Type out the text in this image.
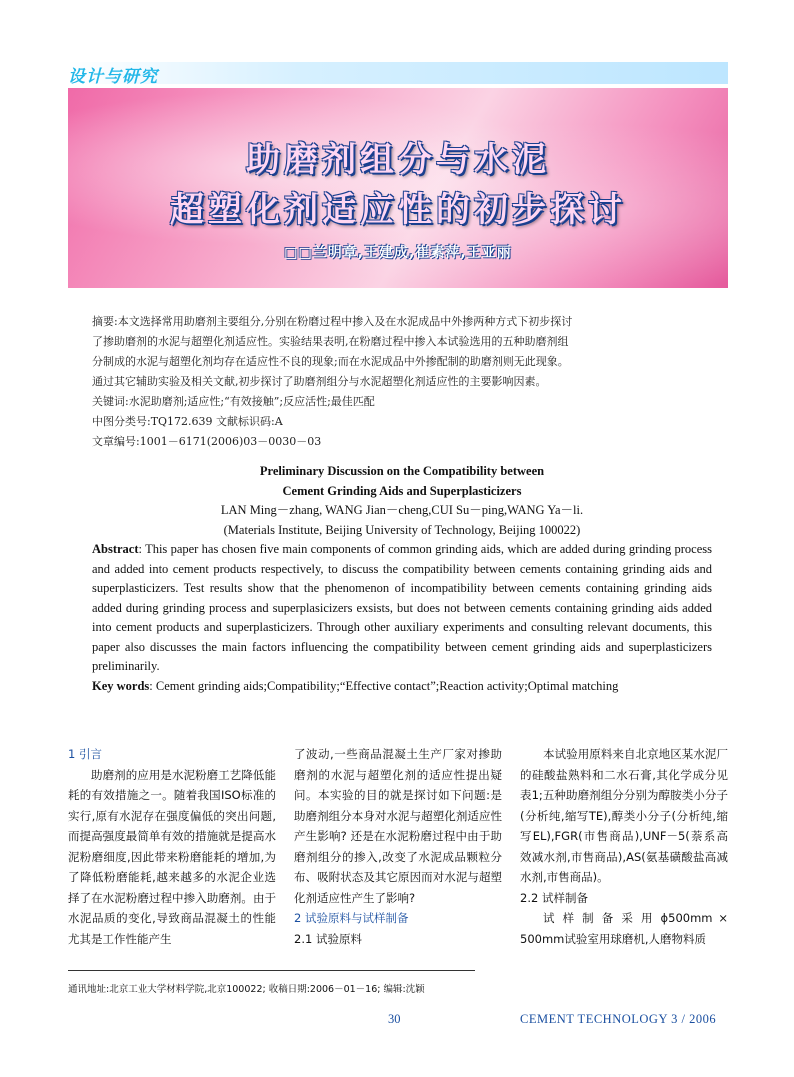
设计与研究
助磨剂组分与水泥
超塑化剂适应性的初步探讨
□□兰明章,王建成,崔素萍,王亚丽

摘要:本文选择常用助磨剂主要组分,分别在粉磨过程中掺入及在水泥成品中外掺两种方式下初步探讨

了掺助磨剂的水泥与超塑化剂适应性。实验结果表明,在粉磨过程中掺入本试验选用的五种助磨剂组

分制成的水泥与超塑化剂均存在适应性不良的现象;而在水泥成品中外掺配制的助磨剂则无此现象。

通过其它辅助实验及相关文献,初步探讨了助磨剂组分与水泥超塑化剂适应性的主要影响因素。

关键词:水泥助磨剂;适应性;“有效接触”;反应活性;最佳匹配

中图分类号:TQ172.639 文献标识码:A

文章编号:1001－6171(2006)03－0030－03

Preliminary Discussion on the Compatibility between

Cement Grinding Aids and Superplasticizers

LAN Ming－zhang, WANG Jian－cheng,CUI Su－ping,WANG Ya－li.

(Materials Institute, Beijing University of Technology, Beijing 100022)

Abstract: This paper has chosen five main components of common grinding aids, which are added during grinding process and added into cement products respectively, to discuss the compatibility between cements containing grinding aids and superplasticizers. Test results show that the phenomenon of incompatibility between cements containing grinding aids added during grinding process and superplasicizers exsists, but does not between cements containing grinding aids added into cement products and superplasticizers. Through other auxiliary experiments and consulting relevant documents, this paper also discusses the main factors influencing the compatibility between cement grinding aids and superplasticizers preliminarily.

Key words: Cement grinding aids;Compatibility;“Effective contact”;Reaction activity;Optimal matching

1 引言

助磨剂的应用是水泥粉磨工艺降低能耗的有效措施之一。随着我国ISO标准的实行,原有水泥存在强度偏低的突出问题,而提高强度最简单有效的措施就是提高水泥粉磨细度,因此带来粉磨能耗的增加,为了降低粉磨能耗,越来越多的水泥企业选择了在水泥粉磨过程中掺入助磨剂。由于水泥品质的变化,导致商品混凝土的性能尤其是工作性能产生

了波动,一些商品混凝土生产厂家对掺助磨剂的水泥与超塑化剂的适应性提出疑问。本实验的目的就是探讨如下问题:是助磨剂组分本身对水泥与超塑化剂适应性产生影响? 还是在水泥粉磨过程中由于助磨剂组分的掺入,改变了水泥成品颗粒分布、吸附状态及其它原因而对水泥与超塑化剂适应性产生了影响?

2 试验原料与试样制备

2.1 试验原料

本试验用原料来自北京地区某水泥厂的硅酸盐熟料和二水石膏,其化学成分见表1;五种助磨剂组分分别为醇胺类小分子(分析纯,缩写TE),醇类小分子(分析纯,缩写EL),FGR(市售商品),UNF－5(萘系高效减水剂,市售商品),AS(氨基磺酸盐高减水剂,市售商品)。

2.2 试样制备

试 样 制 备 采 用 ϕ500mm × 500mm试验室用球磨机,人磨物料质

通讯地址:北京工业大学材料学院,北京100022; 收稿日期:2006－01－16; 编辑:沈颖
30	CEMENT TECHNOLOGY 3 / 2006
